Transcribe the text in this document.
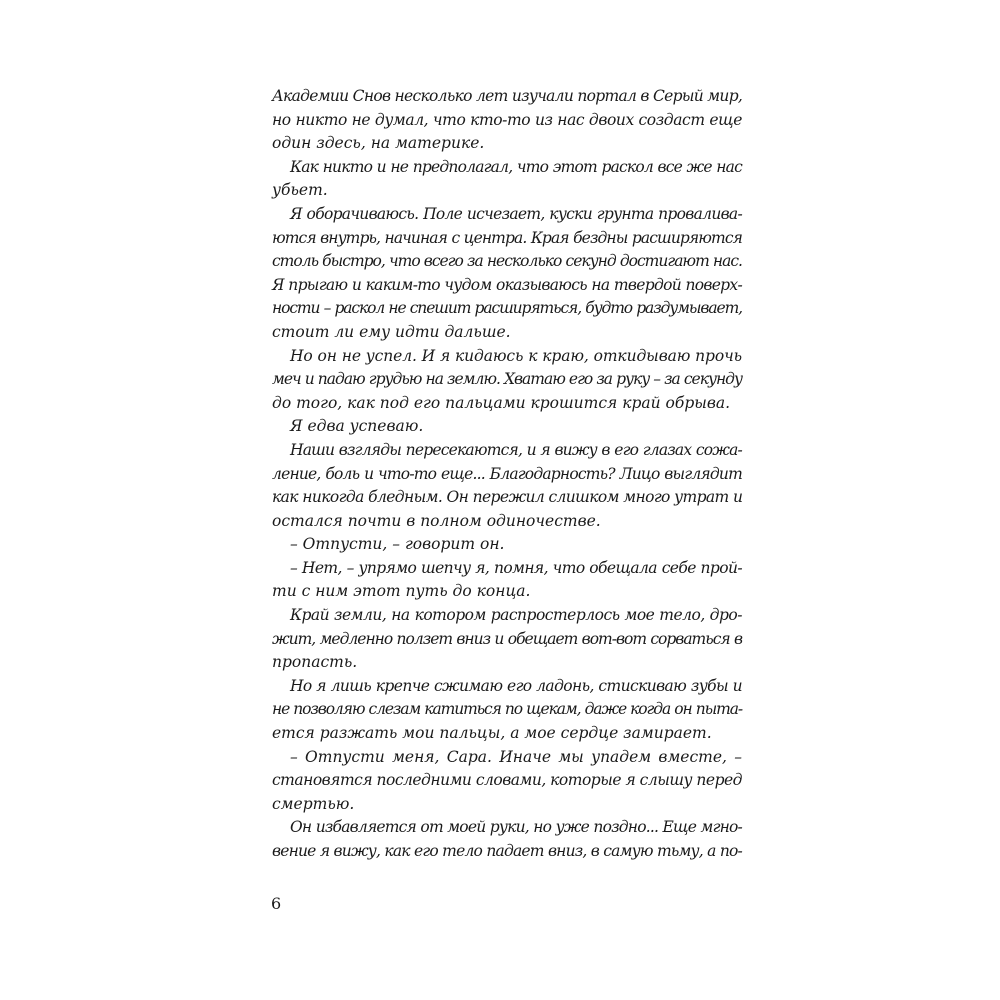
Академии Снов несколько лет изучали портал в Серый мир,
но никто не думал, что кто-то из нас двоих создаст еще
один здесь, на материке.
Как никто и не предполагал, что этот раскол все же нас
убьет.
Я оборачиваюсь. Поле исчезает, куски грунта проваливa-
ются внутрь, начиная с центра. Края бездны расширяются
столь быстро, что всего за несколько секунд достигают нас.
Я прыгаю и каким-то чудом оказываюсь на твердой поверх-
ности – раскол не спешит расширяться, будто раздумывает,
стоит ли ему идти дальше.
Но он не успел. И я кидаюсь к краю, откидываю прочь
меч и падаю грудью на землю. Хватаю его за руку – за секунду
до того, как под его пальцами крошится край обрыва.
Я едва успеваю.
Наши взгляды пересекаются, и я вижу в его глазах сожа-
ление, боль и что-то еще... Благодарность? Лицо выглядит
как никогда бледным. Он пережил слишком много утрат и
остался почти в полном одиночестве.
– Отпусти, – говорит он.
– Нет, – упрямо шепчу я, помня, что обещала себе прой-
ти с ним этот путь до конца.
Край земли, на котором распростерлось мое тело, дро-
жит, медленно ползет вниз и обещает вот-вот сорваться в
пропасть.
Но я лишь крепче сжимаю его ладонь, стискиваю зубы и
не позволяю слезам катиться по щекам, даже когда он пыта-
ется разжать мои пальцы, а мое сердце замирает.
– Отпусти меня, Сара. Иначе мы упадем вместе, –
становятся последними словами, которые я слышу перед
смертью.
Он избавляется от моей руки, но уже поздно... Еще мгно-
вение я вижу, как его тело падает вниз, в самую тьму, а по-
6
